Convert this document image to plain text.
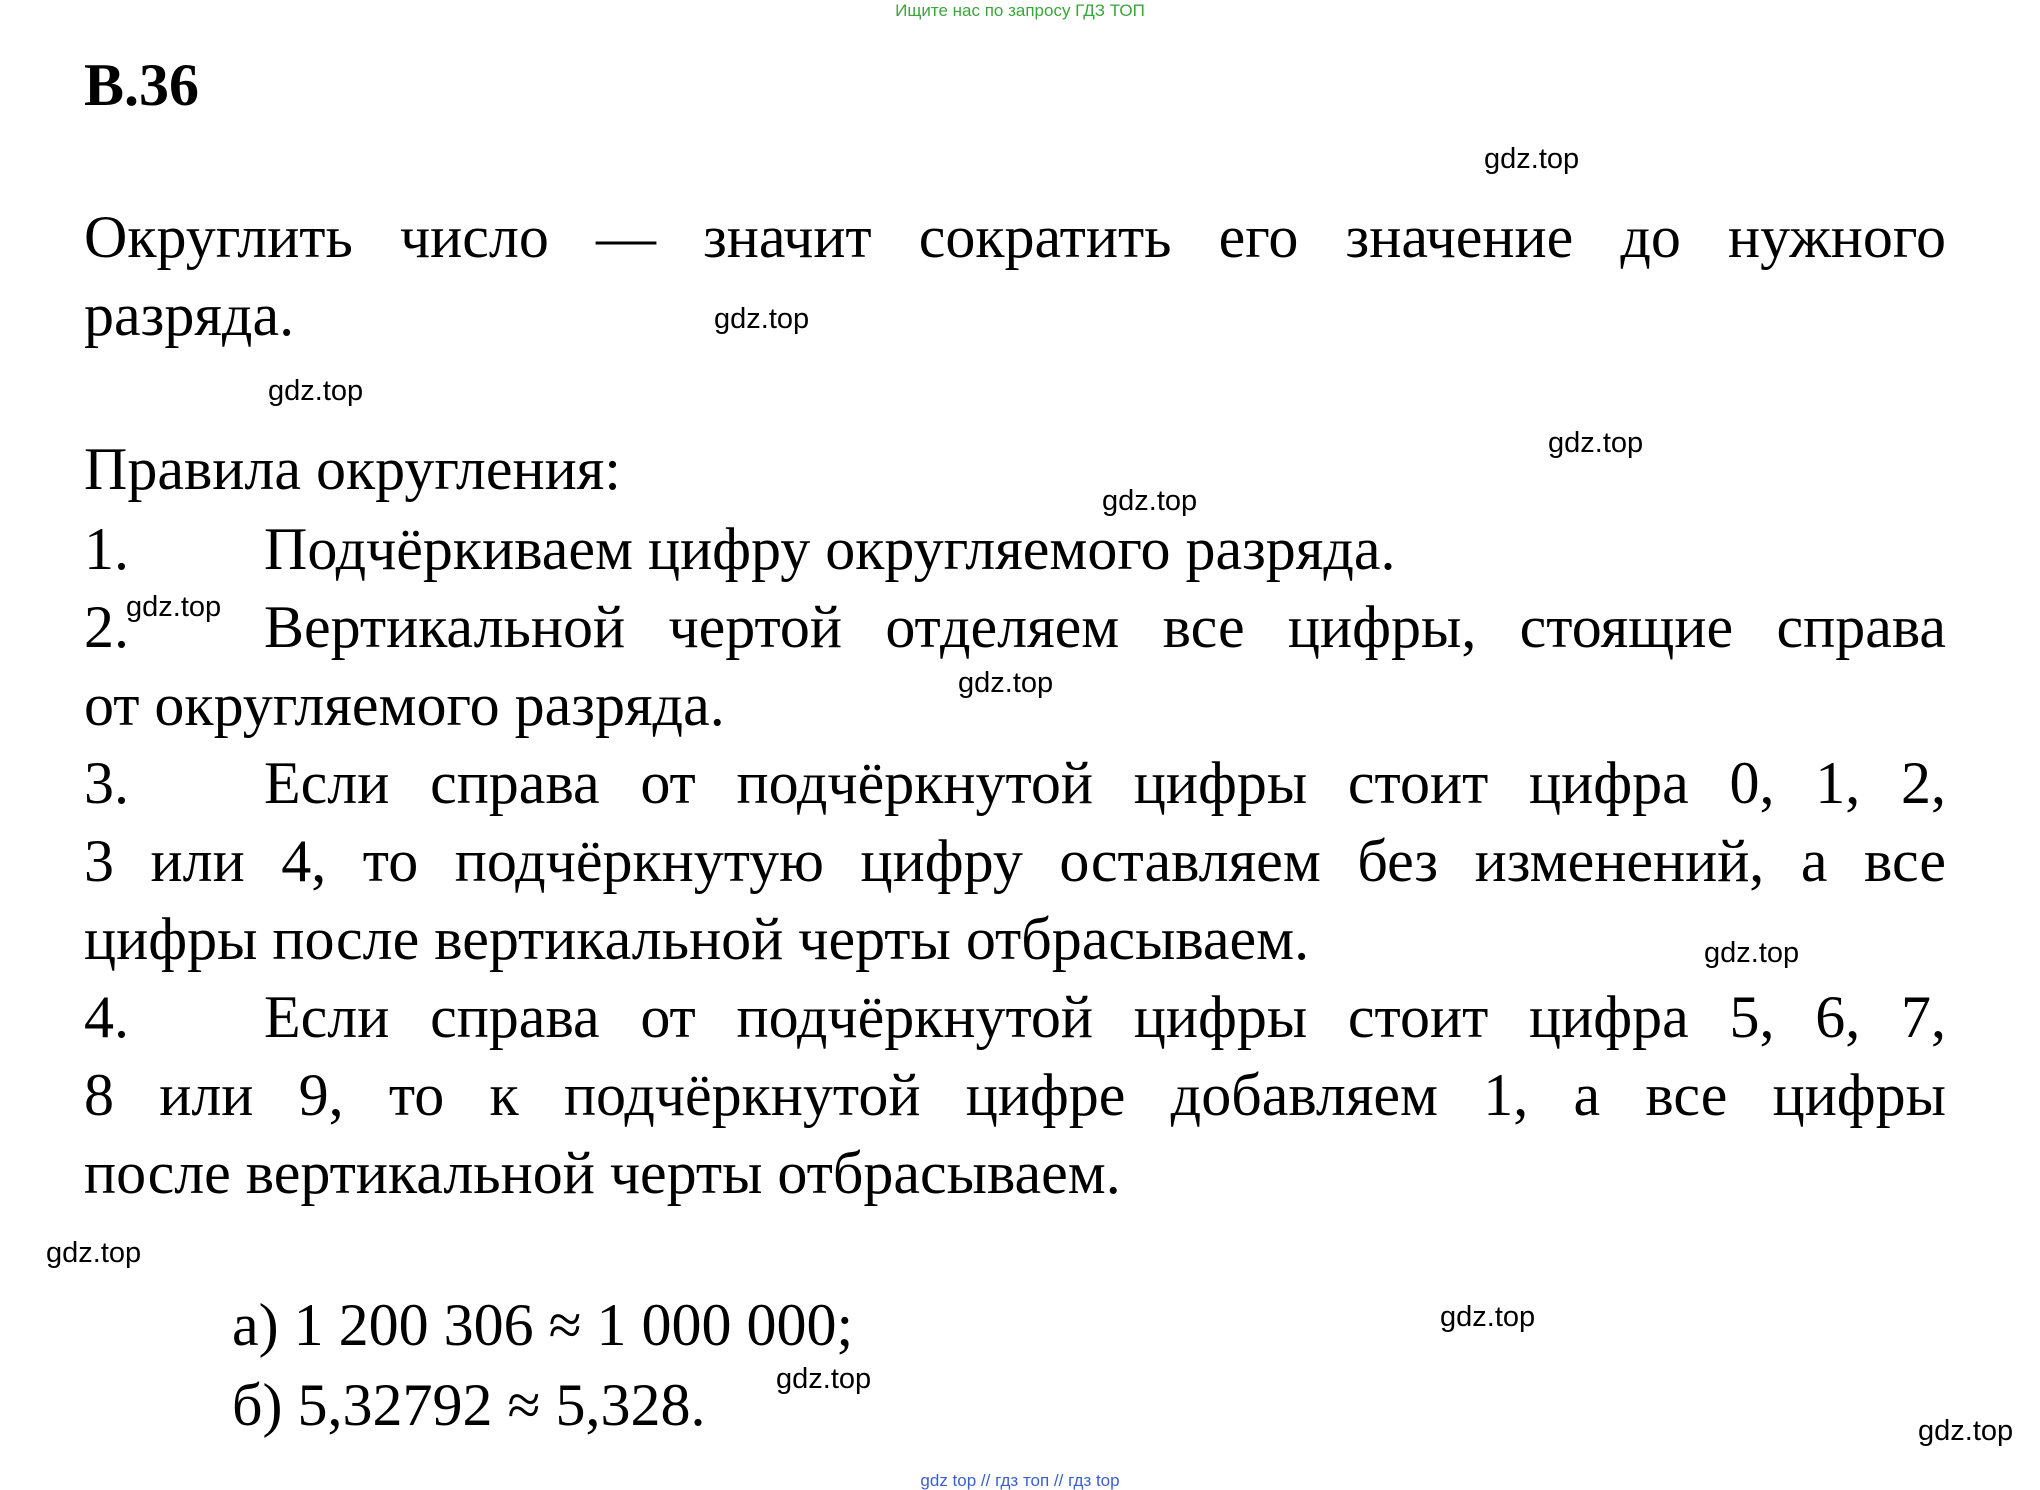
Ищите нас по запросу ГДЗ ТОП
В.36
Округлить число — значит сократить его значение до нужного
разряда.
Правила округления:
1. Подчёркиваем цифру округляемого разряда.
2. Вертикальной чертой отделяем все цифры, стоящие справа
от округляемого разряда.
3. Если справа от подчёркнутой цифры стоит цифра 0, 1, 2,
3 или 4, то подчёркнутую цифру оставляем без изменений, а все
цифры после вертикальной черты отбрасываем.
4. Если справа от подчёркнутой цифры стоит цифра 5, 6, 7,
8 или 9, то к подчёркнутой цифре добавляем 1, а все цифры
после вертикальной черты отбрасываем.
а) 1 200 306 ≈ 1 000 000;
б) 5,32792 ≈ 5,328.
gdz.top
gdz.top
gdz.top
gdz.top
gdz.top
gdz.top
gdz.top
gdz.top
gdz.top
gdz.top
gdz.top
gdz.top
gdz top // гдз топ // гдз top
